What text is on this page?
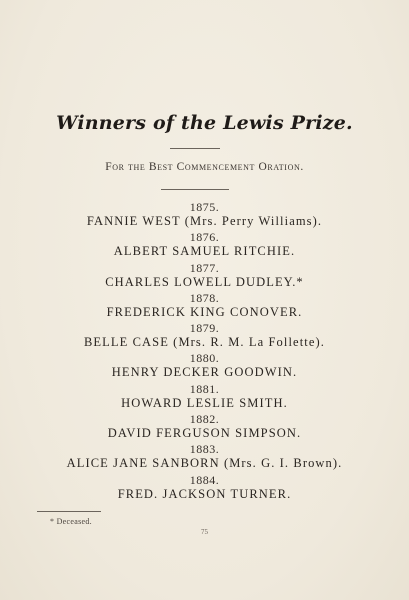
Winners of the Lewis Prize.
For the Best Commencement Oration.
1875.
FANNIE WEST (Mrs. Perry Williams).
1876.
ALBERT SAMUEL RITCHIE.
1877.
CHARLES LOWELL DUDLEY.*
1878.
FREDERICK KING CONOVER.
1879.
BELLE CASE (Mrs. R. M. La Follette).
1880.
HENRY DECKER GOODWIN.
1881.
HOWARD LESLIE SMITH.
1882.
DAVID FERGUSON SIMPSON.
1883.
ALICE JANE SANBORN (Mrs. G. I. Brown).
1884.
FRED. JACKSON TURNER.
* Deceased.
75
